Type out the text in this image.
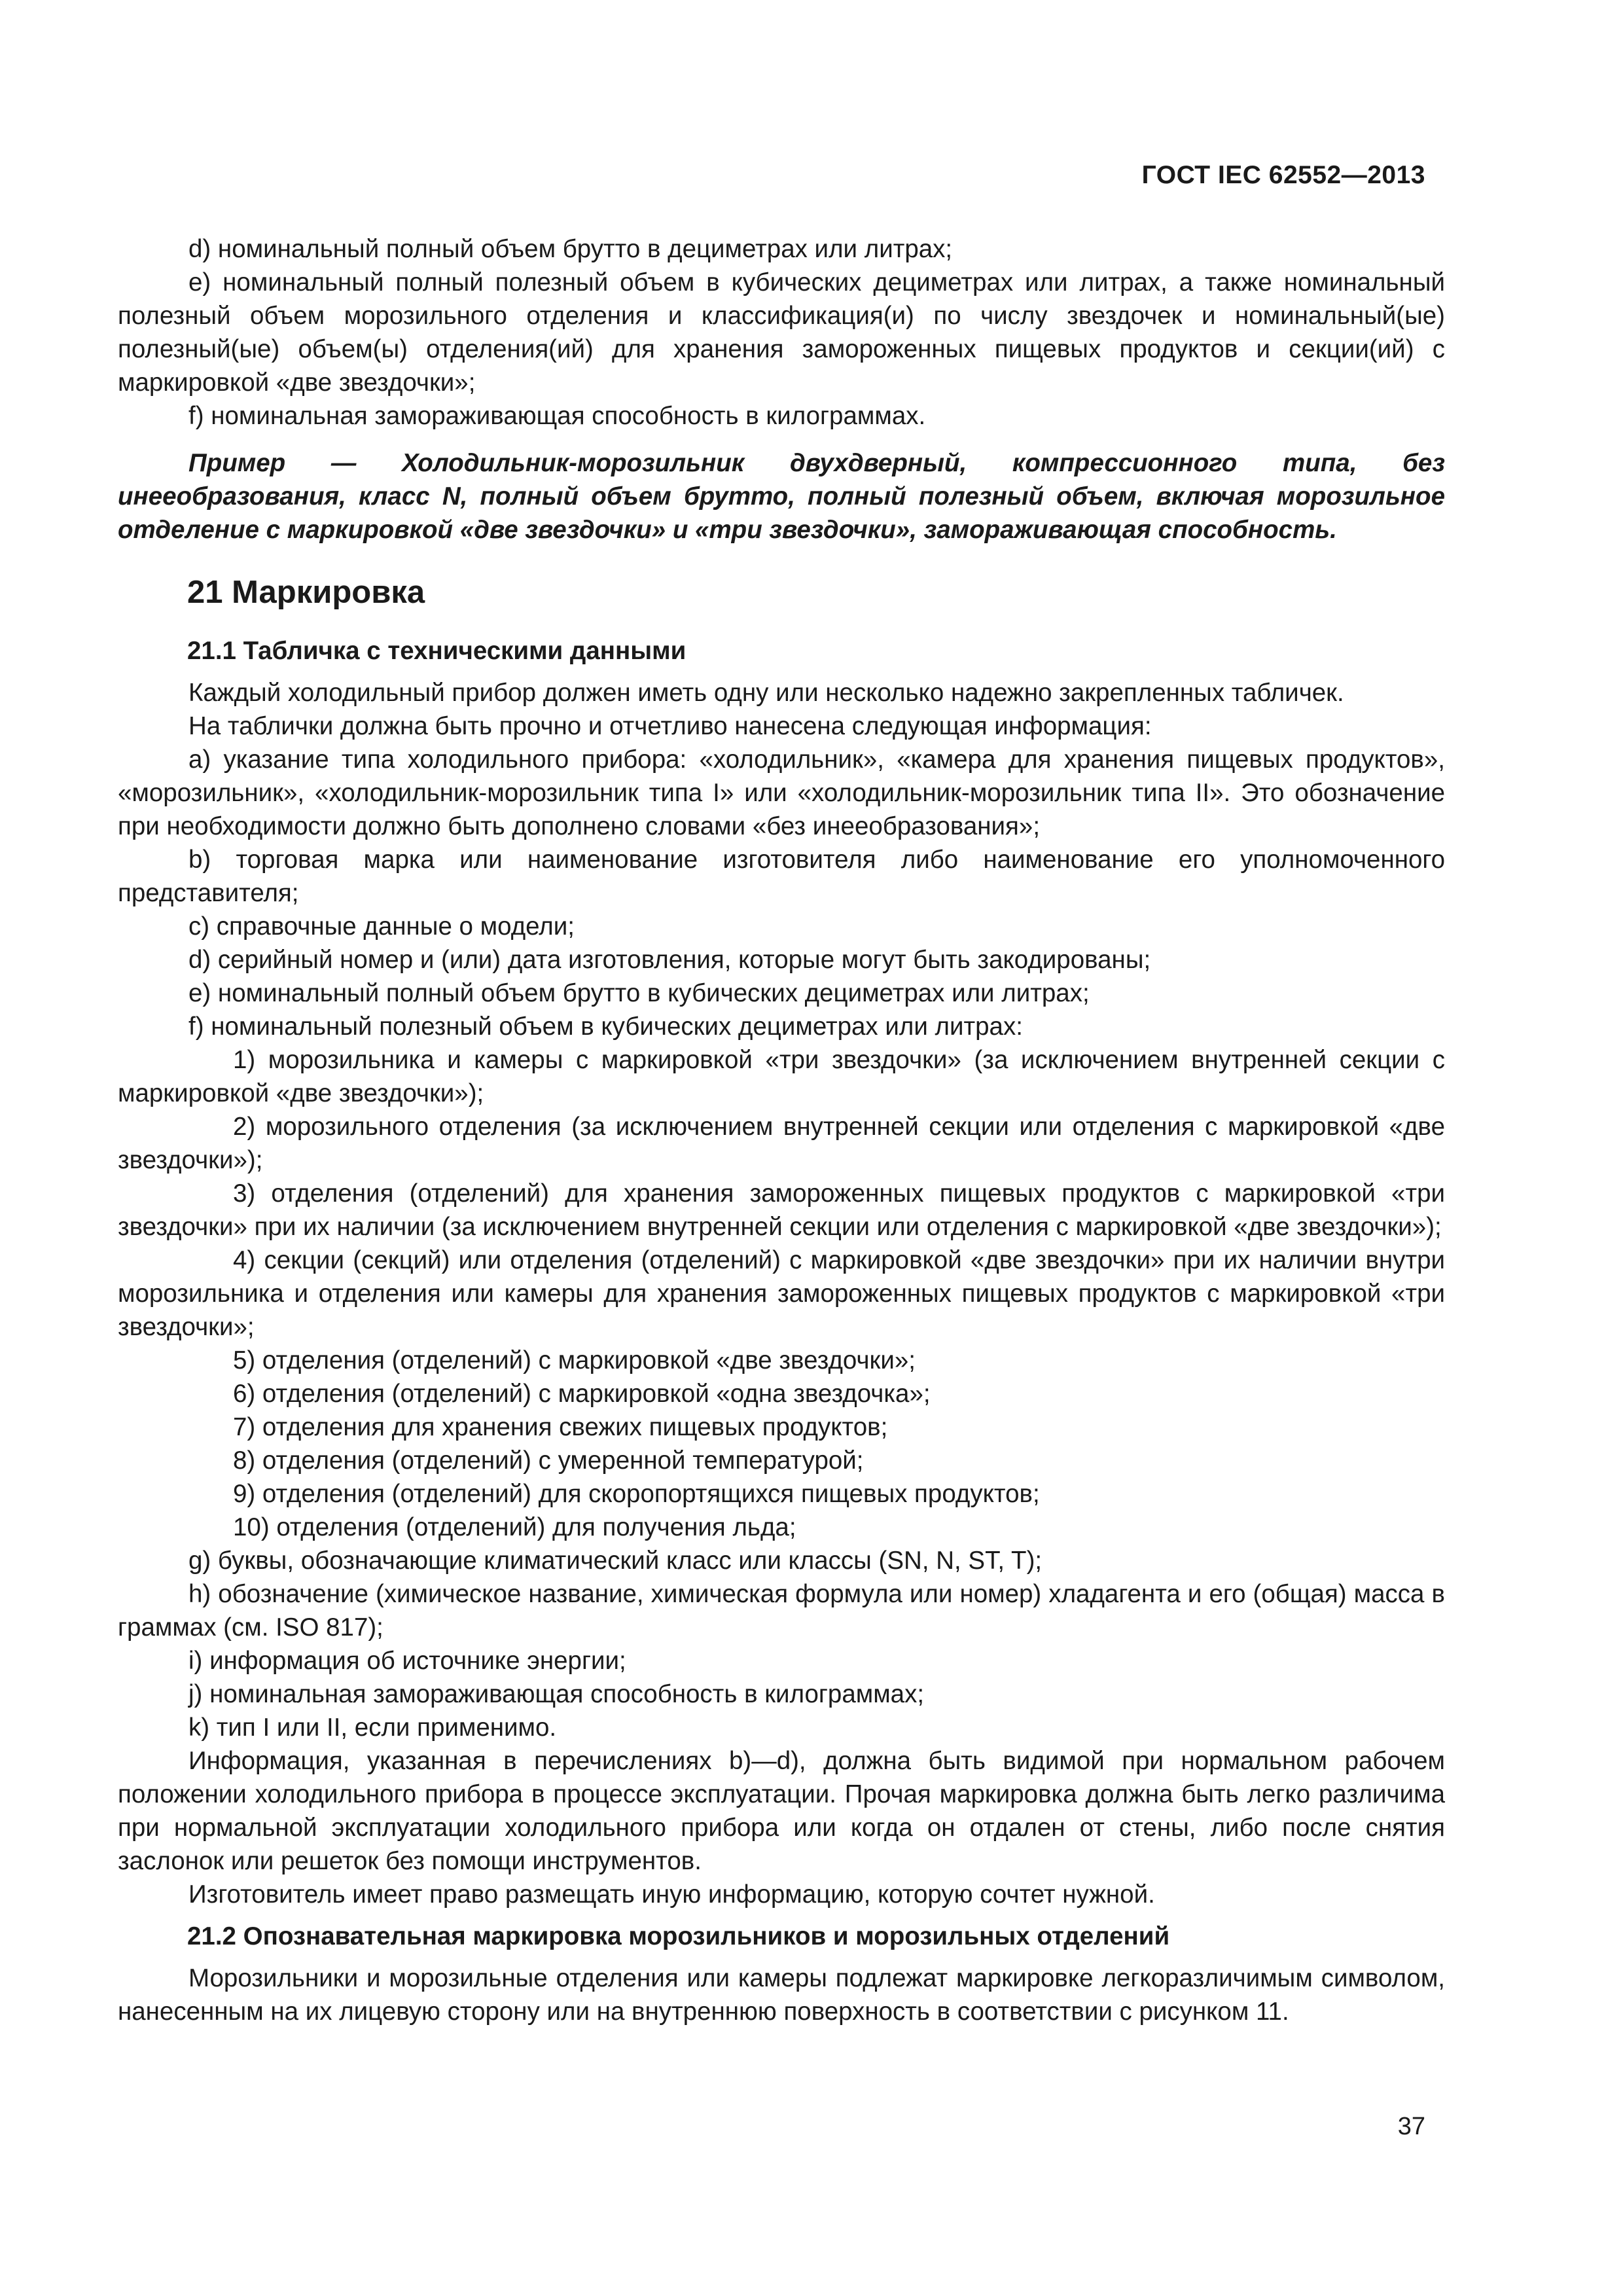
ГОСТ IEC 62552—2013

d) номинальный полный объем брутто в дециметрах или литрах;

е) номинальный полный полезный объем в кубических дециметрах или литрах, а также номинальный полезный объем морозильного отделения и классификация(и) по числу звездочек и номинальный(ые) полезный(ые) объем(ы) отделения(ий) для хранения замороженных пищевых продуктов и секции(ий) с маркировкой «две звездочки»;

f) номинальная замораживающая способность в килограммах.

Пример — Холодильник-морозильник двухдверный, компрессионного типа, без инеeобразования, класс N, полный объем брутто, полный полезный объем, включая морозильное отделение с маркировкой «две звездочки» и «три звездочки», замораживающая способность.

21 Маркировка
21.1 Табличка с техническими данными

Каждый холодильный прибор должен иметь одну или несколько надежно закрепленных табличек.

На таблички должна быть прочно и отчетливо нанесена следующая информация:

а) указание типа холодильного прибора: «холодильник», «камера для хранения пищевых продуктов», «морозильник», «холодильник-морозильник типа I» или «холодильник-морозильник типа II». Это обозначение при необходимости должно быть дополнено словами «без инеeобразования»;

b) торговая марка или наименование изготовителя либо наименование его уполномоченного представителя;

с) справочные данные о модели;

d) серийный номер и (или) дата изготовления, которые могут быть закодированы;

е) номинальный полный объем брутто в кубических дециметрах или литрах;

f) номинальный полезный объем в кубических дециметрах или литрах:

1) морозильника и камеры с маркировкой «три звездочки» (за исключением внутренней секции с маркировкой «две звездочки»);

2) морозильного отделения (за исключением внутренней секции или отделения с маркировкой «две звездочки»);

3) отделения (отделений) для хранения замороженных пищевых продуктов с маркировкой «три звездочки» при их наличии (за исключением внутренней секции или отделения с маркировкой «две звездочки»);

4) секции (секций) или отделения (отделений) с маркировкой «две звездочки» при их наличии внутри морозильника и отделения или камеры для хранения замороженных пищевых продуктов с маркировкой «три звездочки»;

5) отделения (отделений) с маркировкой «две звездочки»;

6) отделения (отделений) с маркировкой «одна звездочка»;

7) отделения для хранения свежих пищевых продуктов;

8) отделения (отделений) с умеренной температурой;

9) отделения (отделений) для скоропортящихся пищевых продуктов;

10) отделения (отделений) для получения льда;

g) буквы, обозначающие климатический класс или классы (SN, N, ST, T);

h) обозначение (химическое название, химическая формула или номер) хладагента и его (общая) масса в граммах (см. ISO 817);

i) информация об источнике энергии;

j) номинальная замораживающая способность в килограммах;

k) тип I или II, если применимо.

Информация, указанная в перечислениях b)—d), должна быть видимой при нормальном рабочем положении холодильного прибора в процессе эксплуатации. Прочая маркировка должна быть легко различима при нормальной эксплуатации холодильного прибора или когда он отдален от стены, либо после снятия заслонок или решеток без помощи инструментов.

Изготовитель имеет право размещать иную информацию, которую сочтет нужной.

21.2 Опознавательная маркировка морозильников и морозильных отделений

Морозильники и морозильные отделения или камеры подлежат маркировке легкоразличимым символом, нанесенным на их лицевую сторону или на внутреннюю поверхность в соответствии с рисунком 11.

37
